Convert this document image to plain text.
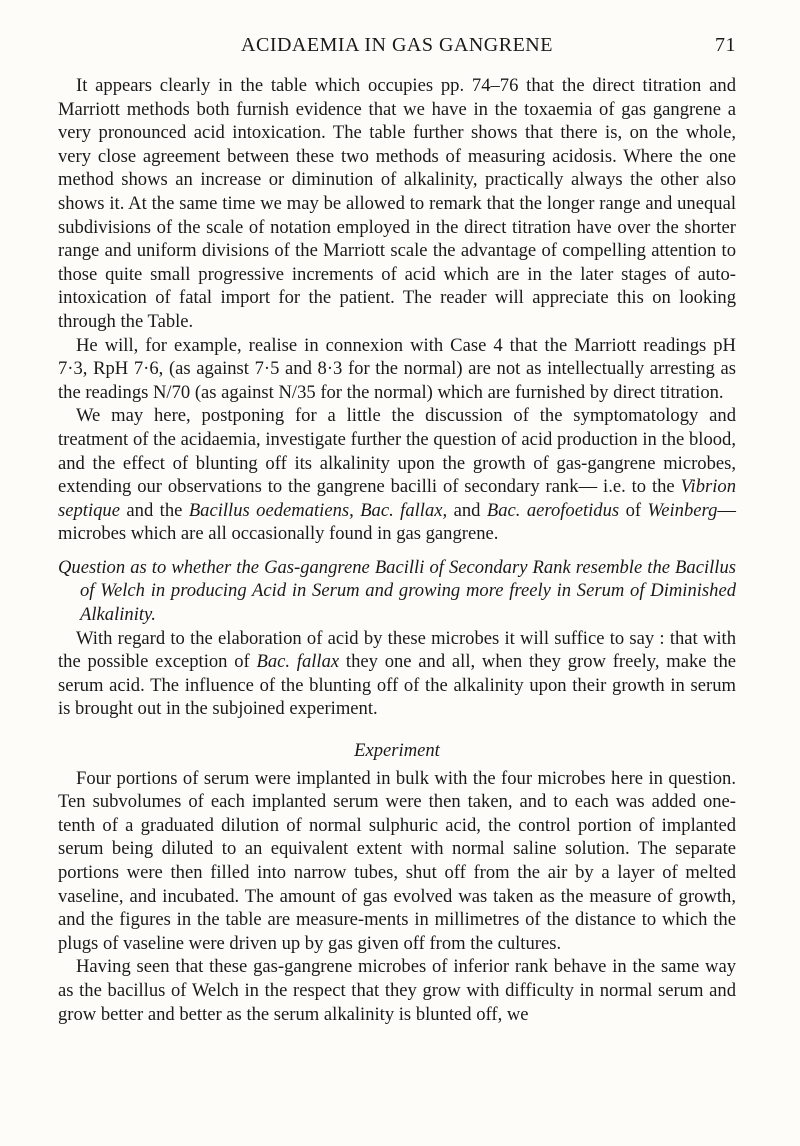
ACIDAEMIA IN GAS GANGRENE	71

It appears clearly in the table which occupies pp. 74–76 that the direct titration and Marriott methods both furnish evidence that we have in the toxaemia of gas gangrene a very pronounced acid intoxication. The table further shows that there is, on the whole, very close agreement between these two methods of measuring acidosis. Where the one method shows an increase or diminution of alkalinity, practically always the other also shows it. At the same time we may be allowed to remark that the longer range and unequal subdivisions of the scale of notation employed in the direct titration have over the shorter range and uniform divisions of the Marriott scale the advantage of compelling attention to those quite small progressive increments of acid which are in the later stages of auto-intoxication of fatal import for the patient. The reader will appreciate this on looking through the Table.

He will, for example, realise in connexion with Case 4 that the Marriott readings pH 7·3, RpH 7·6, (as against 7·5 and 8·3 for the normal) are not as intellectually arresting as the readings N/70 (as against N/35 for the normal) which are furnished by direct titration.

We may here, postponing for a little the discussion of the symptomatology and treatment of the acidaemia, investigate further the question of acid production in the blood, and the effect of blunting off its alkalinity upon the growth of gas-gangrene microbes, extending our observations to the gangrene bacilli of secondary rank— i.e. to the Vibrion septique and the Bacillus oedematiens, Bac. fallax, and Bac. aerofoetidus of Weinberg—microbes which are all occasionally found in gas gangrene.

Question as to whether the Gas-gangrene Bacilli of Secondary Rank resemble the Bacillus of Welch in producing Acid in Serum and growing more freely in Serum of Diminished Alkalinity.

With regard to the elaboration of acid by these microbes it will suffice to say : that with the possible exception of Bac. fallax they one and all, when they grow freely, make the serum acid. The influence of the blunting off of the alkalinity upon their growth in serum is brought out in the subjoined experiment.

Experiment

Four portions of serum were implanted in bulk with the four microbes here in question. Ten subvolumes of each implanted serum were then taken, and to each was added one-tenth of a graduated dilution of normal sulphuric acid, the control portion of implanted serum being diluted to an equivalent extent with normal saline solution. The separate portions were then filled into narrow tubes, shut off from the air by a layer of melted vaseline, and incubated. The amount of gas evolved was taken as the measure of growth, and the figures in the table are measure-ments in millimetres of the distance to which the plugs of vaseline were driven up by gas given off from the cultures.

Having seen that these gas-gangrene microbes of inferior rank behave in the same way as the bacillus of Welch in the respect that they grow with difficulty in normal serum and grow better and better as the serum alkalinity is blunted off, we
